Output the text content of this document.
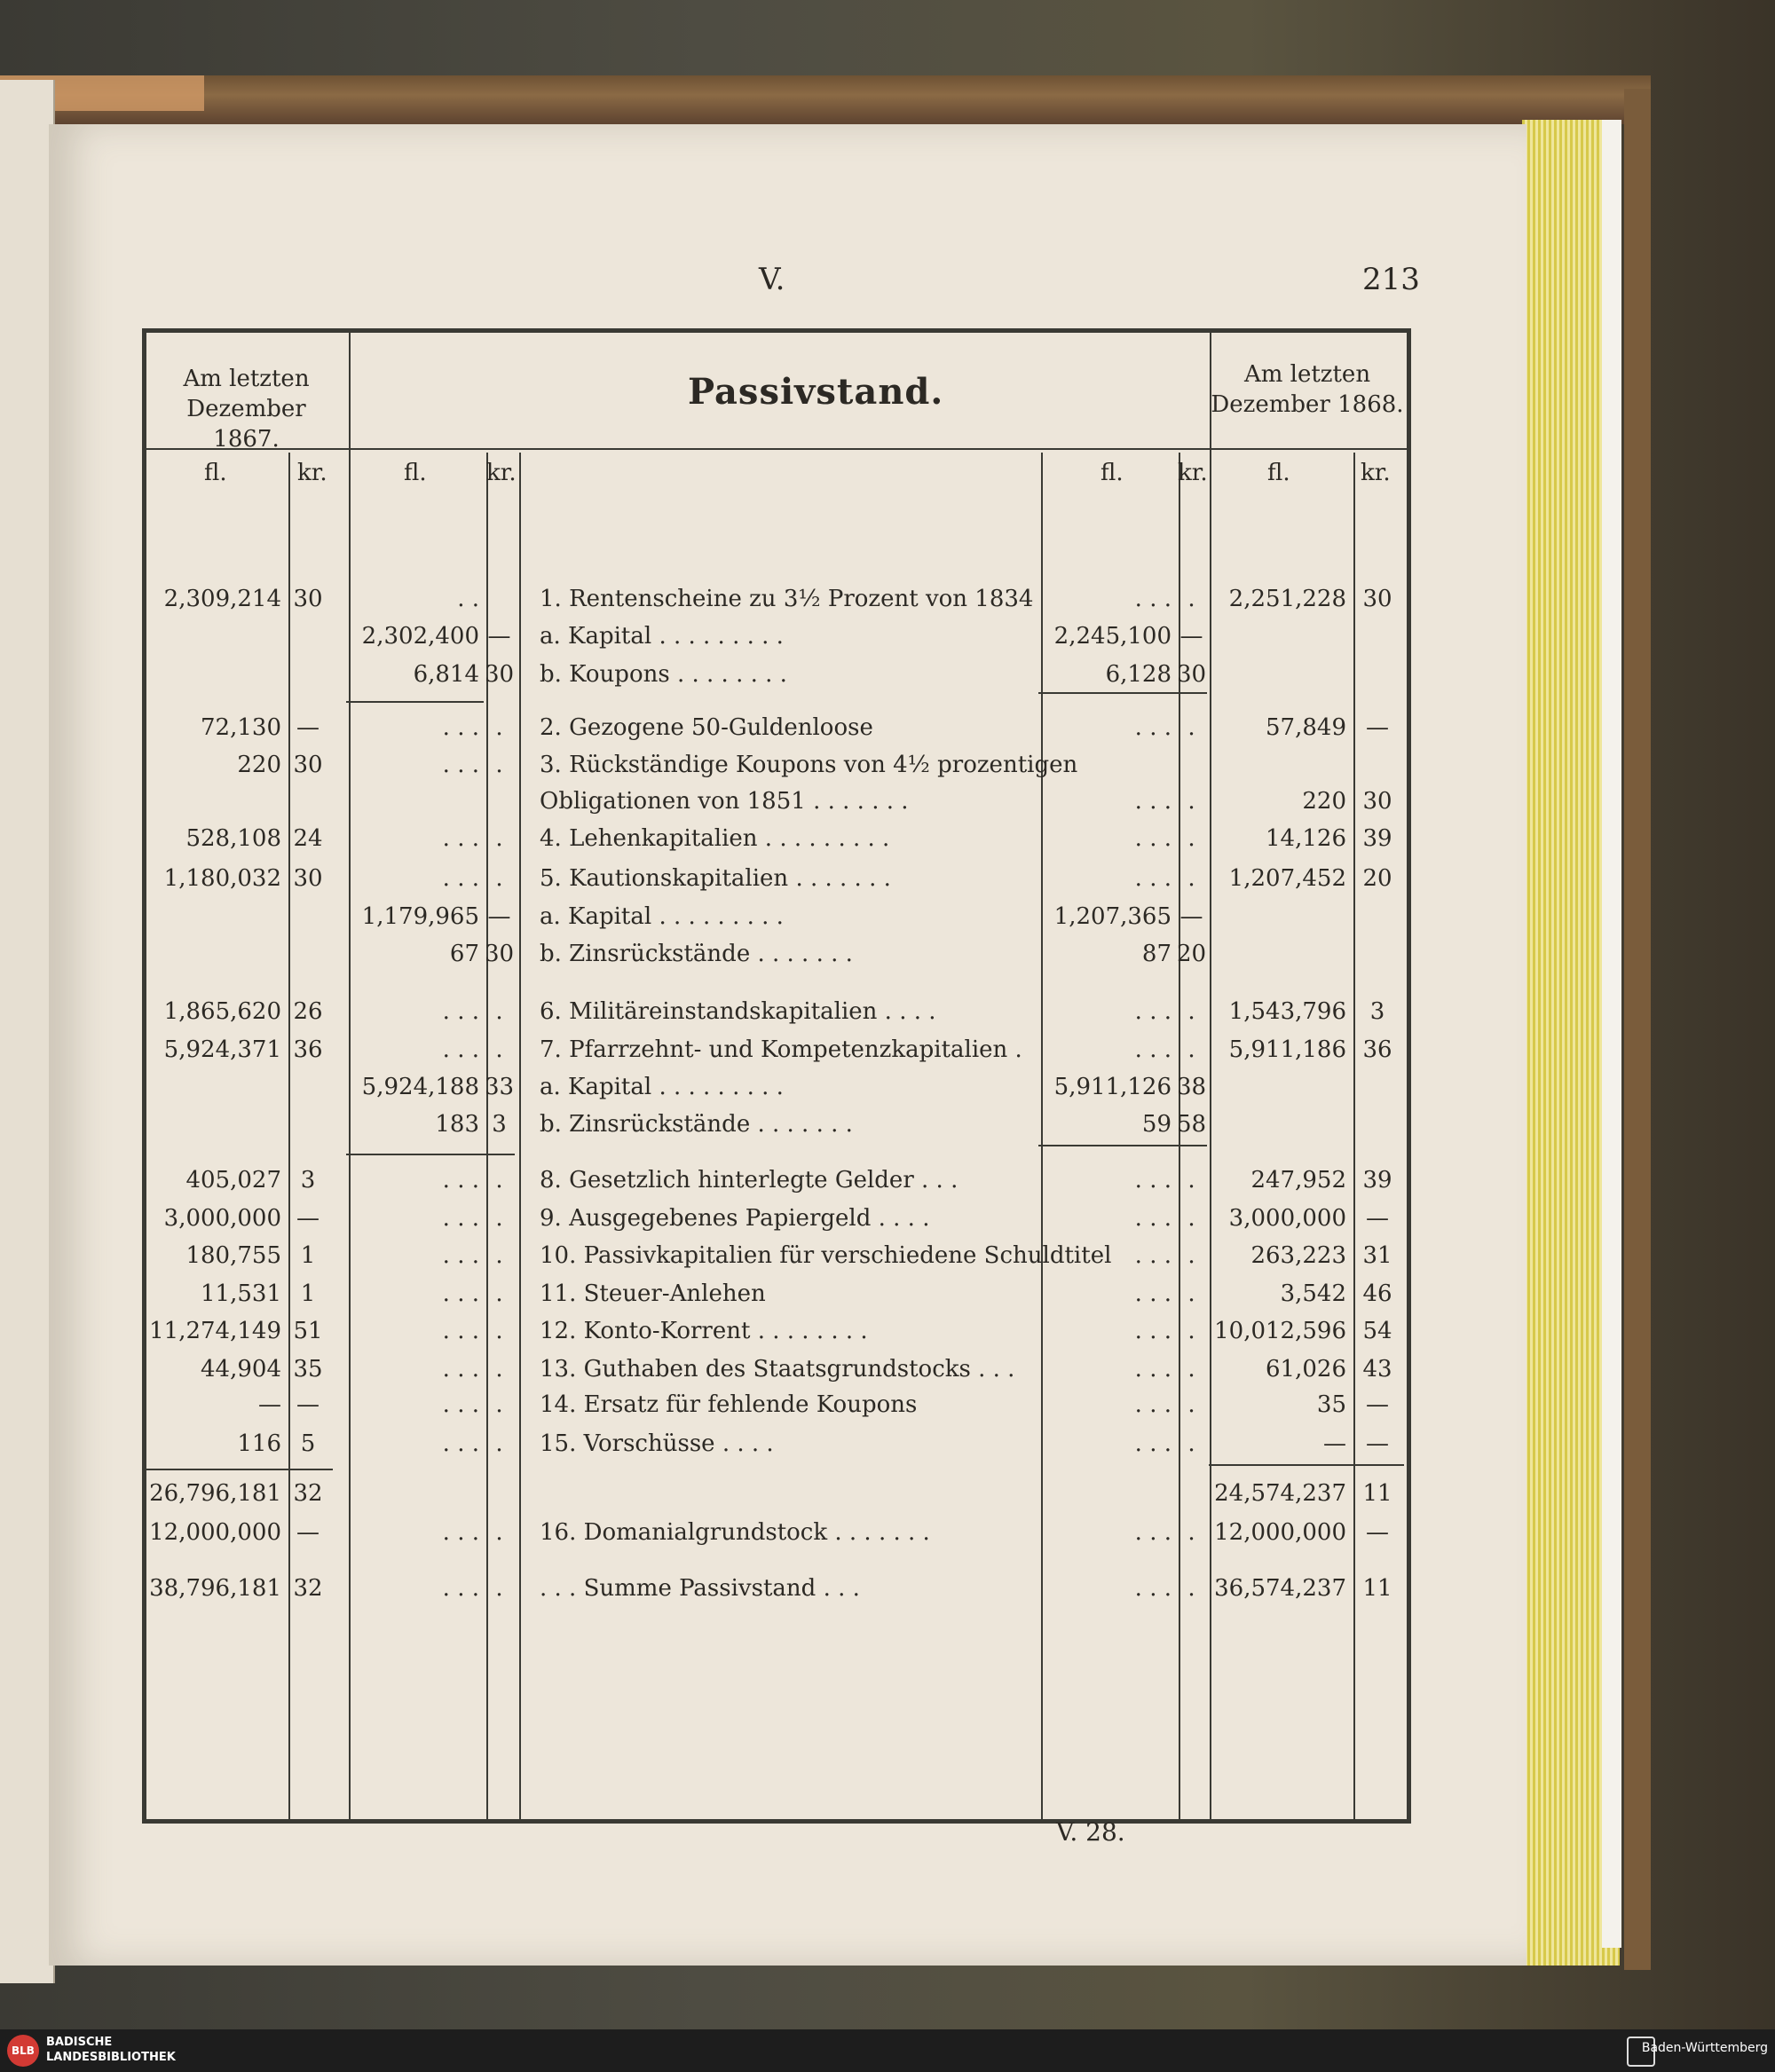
V.	213
Am letzten
Dezember 1867.
Am letzten
Dezember 1868.
Passivstand.
fl.	kr.	fl.	kr.	fl. kr.	fl.	kr.
2,309,214 30	. .	1. Rentenscheine zu 3½ Prozent von 1834	. . . .	2,251,228 30
2,302,400 — a. Kapital . . . . . . . . .	2,245,100 —
6,814 30 b. Koupons . . . . . . . .	6,128 30
72,130 —	. . . .	2. Gezogene 50-Guldenloose	. . . .	57,849 —
220 30	. . . .	3. Rückständige Koupons von 4½ prozentigen
Obligationen von 1851 . . . . . . .	. . . .	220 30
528,108 24	. . . .	4. Lehenkapitalien . . . . . . . . .	. . . .	14,126 39
1,180,032 30	. . . .	5. Kautionskapitalien . . . . . . .	. . . .	1,207,452 20
1,179,965 — a. Kapital . . . . . . . . .	1,207,365 —
67 30 b. Zinsrückstände . . . . . . .	87 20
1,865,620 26	. . . .	6. Militäreinstandskapitalien . . . .	. . . .	1,543,796	3
5,924,371 36	. . . .	7. Pfarrzehnt- und Kompetenzkapitalien .	. . . .	5,911,186 36
5,924,188 33 a. Kapital . . . . . . . . .	5,911,126 38
183 3	b. Zinsrückstände . . . . . . .	59 58
405,027 3	. . . .	8. Gesetzlich hinterlegte Gelder . . .	. . . .	247,952 39
3,000,000 —	. . . .	9. Ausgegebenes Papiergeld . . . .	. . . .	3,000,000 —
180,755 1	. . . .	10. Passivkapitalien für verschiedene Schuldtitel	. . . .	263,223 31
11,531 1	. . . .	11. Steuer-Anlehen	. . . .	3,542 46
11,274,149 51	. . . .	12. Konto-Korrent . . . . . . . .	. . . . 10,012,596 54
44,904 35	. . . .	13. Guthaben des Staatsgrundstocks . . .	. . . .	61,026 43
— —	. . . .	14. Ersatz für fehlende Koupons	. . . .	35 —
116 5	. . . .	15. Vorschüsse . . . .	. . . .	— —
26,796,181 32	24,574,237 11
12,000,000 —	. . . .	16. Domanialgrundstock . . . . . . .	. . . . 12,000,000 —
38,796,181 32	. . . .	. . . Summe Passivstand . . .	. . . . 36,574,237 11
V. 28.
BLB
BADISCHE
LANDESBIBLIOTHEK
Baden-Württemberg
